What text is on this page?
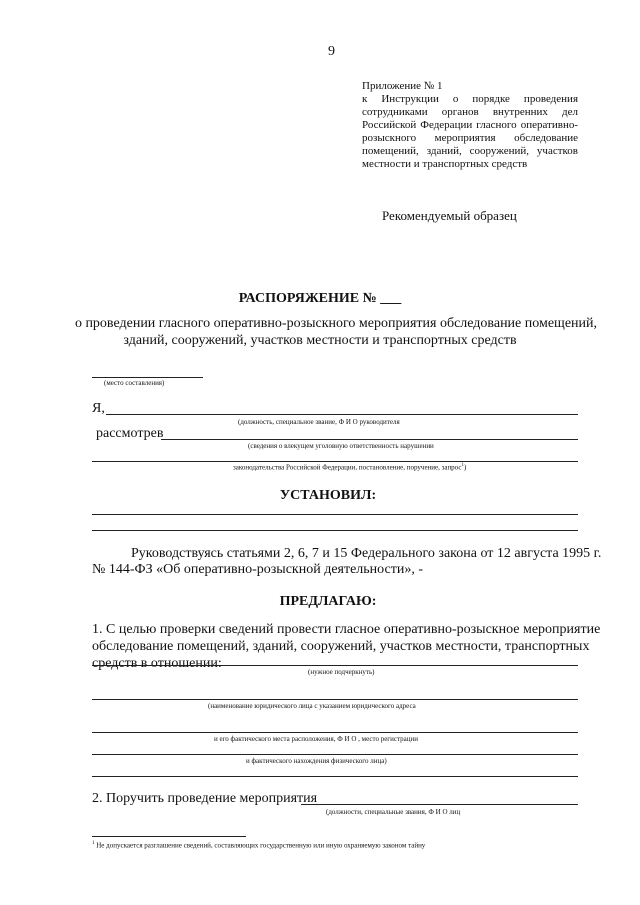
9
Приложение № 1
к Инструкции о порядке проведения
сотрудниками органов внутренних дел
Российской Федерации гласного оперативно-
розыскного мероприятия обследование
помещений, зданий, сооружений, участков
местности и транспортных средств
Рекомендуемый образец
РАСПОРЯЖЕНИЕ № ___
о проведении гласного оперативно-розыскного мероприятия обследование помещений,
зданий, сооружений, участков местности и транспортных средств
(место составления)
Я,
(должность, специальное звание, Ф И О руководителя
рассмотрев
(сведения о влекущем уголовную ответственность нарушении
законодательства Российской Федерации, постановление, поручение, запрос$^1$)
УСТАНОВИЛ:
Руководствуясь статьями 2, 6, 7 и 15 Федерального закона от 12 августа 1995 г.
№ 144-ФЗ «Об оперативно-розыскной деятельности», -
ПРЕДЛАГАЮ:
1. С целью проверки сведений провести гласное оперативно-розыскное мероприятие
обследование помещений, зданий, сооружений, участков местности, транспортных
средств в отношении:
(нужное подчеркнуть)
(наименование юридического лица с указанием юридического адреса
и его фактического места расположения, Ф И О , место регистрации
и фактического нахождения физического лица)
2. Поручить проведение мероприятия
(должности, специальные звания, Ф И О лиц
$^1$ Не допускается разглашение сведений, составляющих государственную или иную охраняемую законом тайну
